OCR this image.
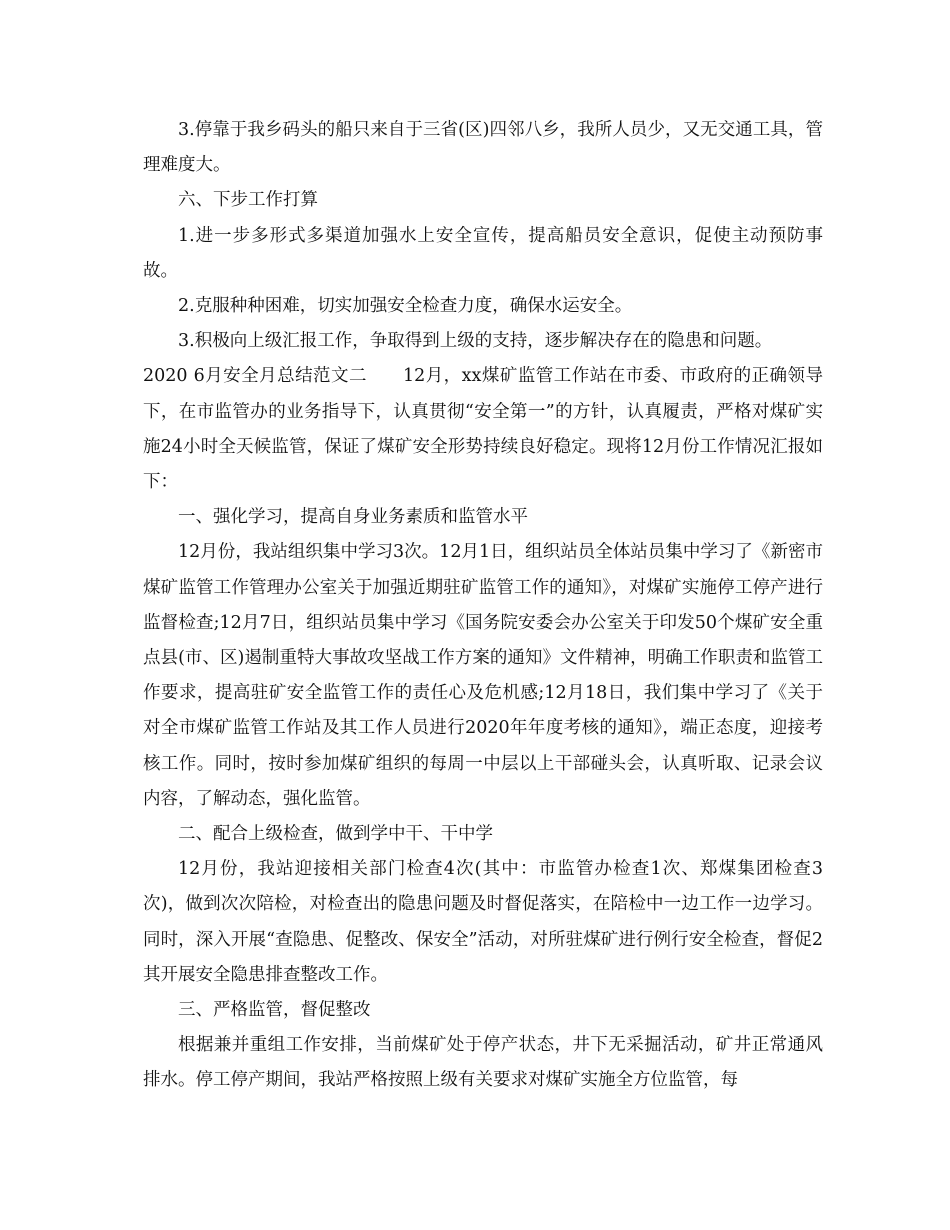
3.停靠于我乡码头的船只来自于三省(区)四邻八乡，我所人员少，又无交通工具，管理难度大。

六、下步工作打算

1.进一步多形式多渠道加强水上安全宣传，提高船员安全意识，促使主动预防事故。

2.克服种种困难，切实加强安全检查力度，确保水运安全。

3.积极向上级汇报工作，争取得到上级的支持，逐步解决存在的隐患和问题。

2020 6月安全月总结范文二　　12月，xx煤矿监管工作站在市委、市政府的正确领导下，在市监管办的业务指导下，认真贯彻“安全第一”的方针，认真履责，严格对煤矿实施24小时全天候监管，保证了煤矿安全形势持续良好稳定。现将12月份工作情况汇报如下：

一、强化学习，提高自身业务素质和监管水平

12月份，我站组织集中学习3次。12月1日，组织站员全体站员集中学习了《新密市煤矿监管工作管理办公室关于加强近期驻矿监管工作的通知》，对煤矿实施停工停产进行监督检查;12月7日，组织站员集中学习《国务院安委会办公室关于印发50个煤矿安全重点县(市、区)遏制重特大事故攻坚战工作方案的通知》文件精神，明确工作职责和监管工作要求，提高驻矿安全监管工作的责任心及危机感;12月18日，我们集中学习了《关于对全市煤矿监管工作站及其工作人员进行2020年年度考核的通知》，端正态度，迎接考核工作。同时，按时参加煤矿组织的每周一中层以上干部碰头会，认真听取、记录会议内容，了解动态，强化监管。

二、配合上级检查，做到学中干、干中学

12月份，我站迎接相关部门检查4次(其中：市监管办检查1次、郑煤集团检查3次)，做到次次陪检，对检查出的隐患问题及时督促落实，在陪检中一边工作一边学习。同时，深入开展“查隐患、促整改、保安全”活动，对所驻煤矿进行例行安全检查，督促2其开展安全隐患排查整改工作。

三、严格监管，督促整改

根据兼并重组工作安排，当前煤矿处于停产状态，井下无采掘活动，矿井正常通风排水。停工停产期间，我站严格按照上级有关要求对煤矿实施全方位监管，每
